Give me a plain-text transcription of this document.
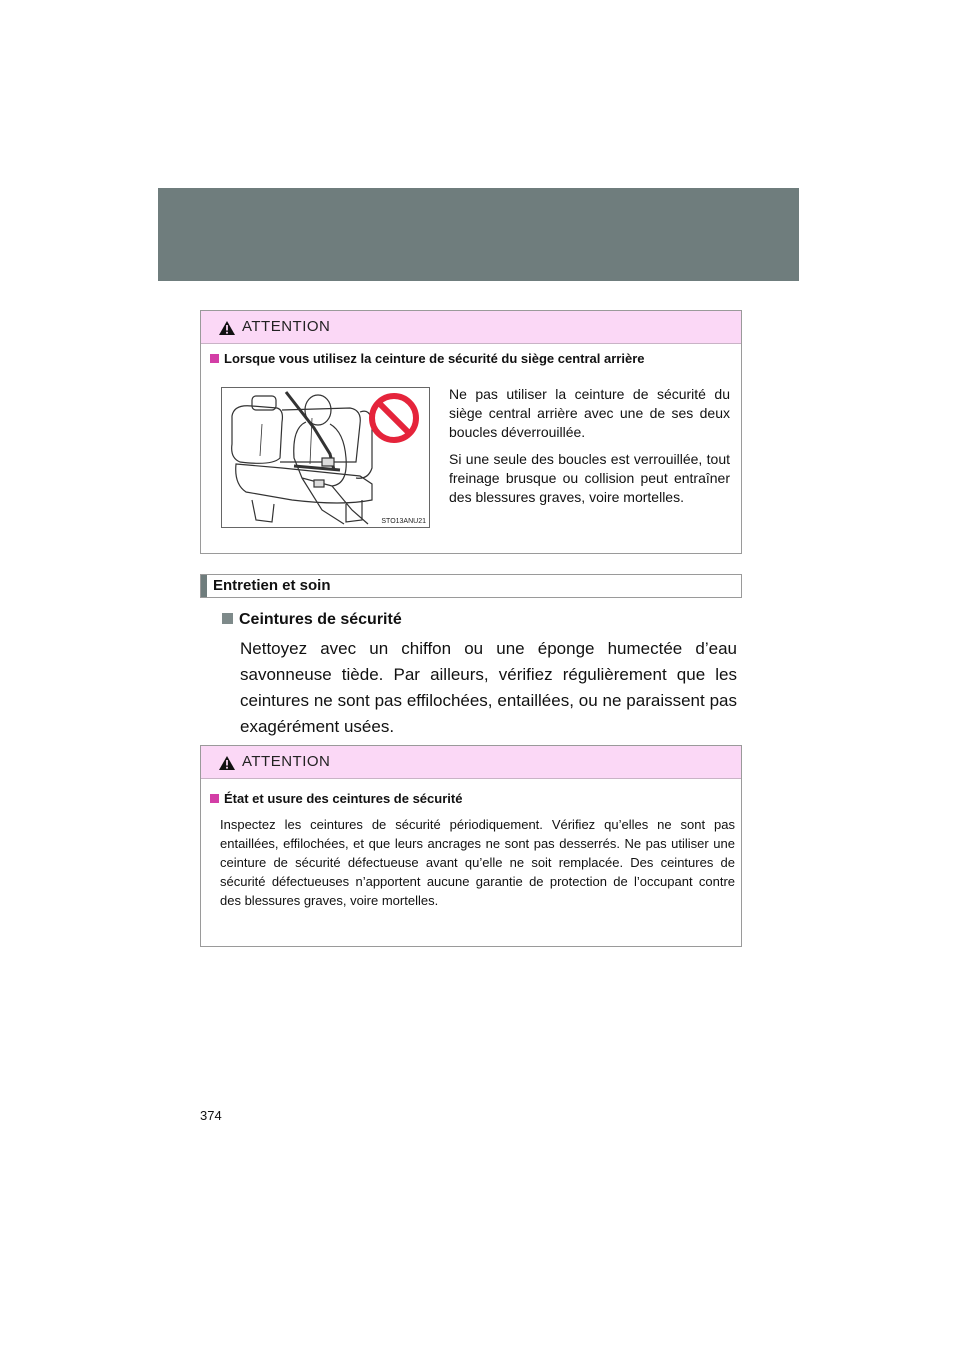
ATTENTION
Lorsque vous utilisez la ceinture de sécurité du siège central arrière
STO13ANU21

Ne pas utiliser la ceinture de sécurité du siège central arrière avec une de ses deux boucles déverrouillée.

Si une seule des boucles est verrouillée, tout freinage brusque ou collision peut entraîner des blessures graves, voire mortelles.

Entretien et soin
Ceintures de sécurité
Nettoyez avec un chiffon ou une éponge humectée d’eau savonneuse tiède. Par ailleurs, vérifiez régulièrement que les ceintures ne sont pas effilochées, entaillées, ou ne paraissent pas exagérément usées.
ATTENTION
État et usure des ceintures de sécurité
Inspectez les ceintures de sécurité périodiquement. Vérifiez qu’elles ne sont pas entaillées, effilochées, et que leurs ancrages ne sont pas desserrés. Ne pas utiliser une ceinture de sécurité défectueuse avant qu’elle ne soit remplacée. Des ceintures de sécurité défectueuses n’apportent aucune garantie de protection de l’occupant contre des blessures graves, voire mortelles.
374
